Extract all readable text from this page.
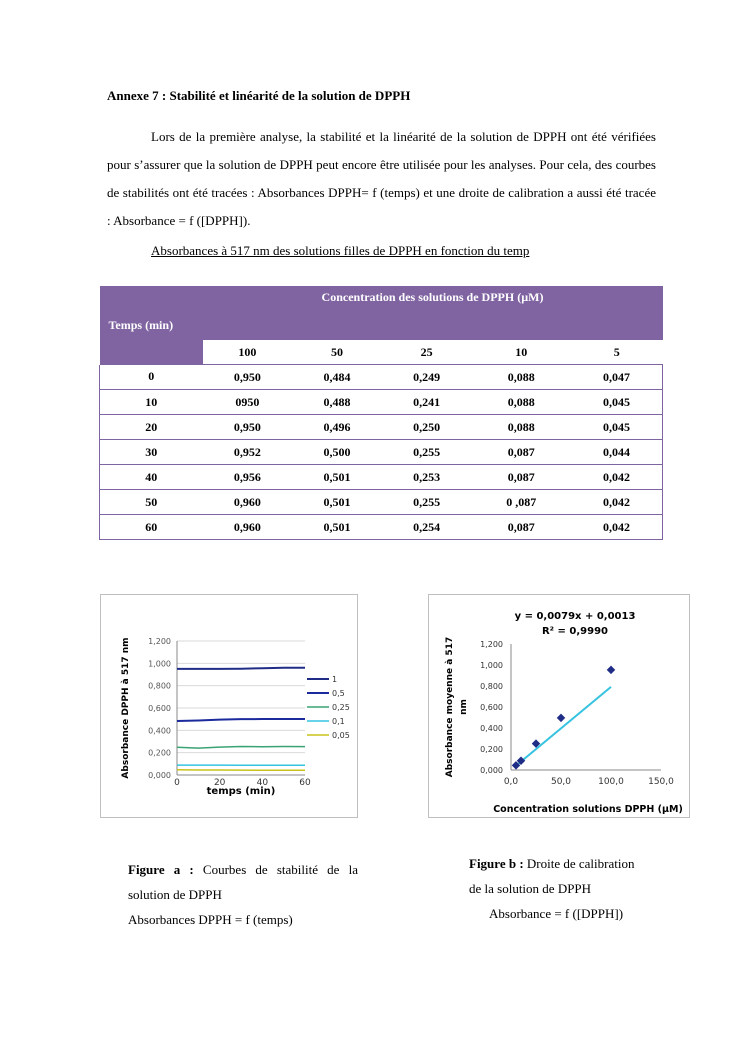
Annexe 7 : Stabilité et linéarité de la solution de DPPH

Lors de la première analyse, la stabilité et la linéarité de la solution de DPPH ont été vérifiées pour s’assurer que la solution de DPPH peut encore être utilisée pour les analyses. Pour cela, des courbes de stabilités ont été tracées : Absorbances DPPH= f (temps) et une droite de calibration a aussi été tracée : Absorbance = f ([DPPH]).

Absorbances à 517 nm des solutions filles de DPPH en fonction du temp
Temps (min)	Concentration des solutions de DPPH (µM)				
	100	50	25	10	5
0	0,950	0,484	0,249	0,088	0,047
10	0950	0,488	0,241	0,088	0,045
20	0,950	0,496	0,250	0,088	0,045
30	0,952	0,500	0,255	0,087	0,044
40	0,956	0,501	0,253	0,087	0,042
50	0,960	0,501	0,255	0 ,087	0,042
60	0,960	0,501	0,254	0,087	0,042
0,000
0,200
0,400
0,600
0,800
1,000
1,200
0	20	40	60
temps (min)
Absorbance DPPH à 517 nm	1
0,5
0,25
0,1
0,05
y = 0,0079x + 0,0013
R² = 0,9990
0,000
0,200
0,400
0,600
0,800
1,000
1,200
0,0	50,0	100,0	150,0
Concentration solutions DPPH (µM)
Absorbance moyenne à 517 nm
Figure a : Courbes de stabilité de la solution de DPPH
Absorbances DPPH = f (temps)
Figure b : Droite de calibration
de la solution de DPPH
Absorbance = f ([DPPH])
